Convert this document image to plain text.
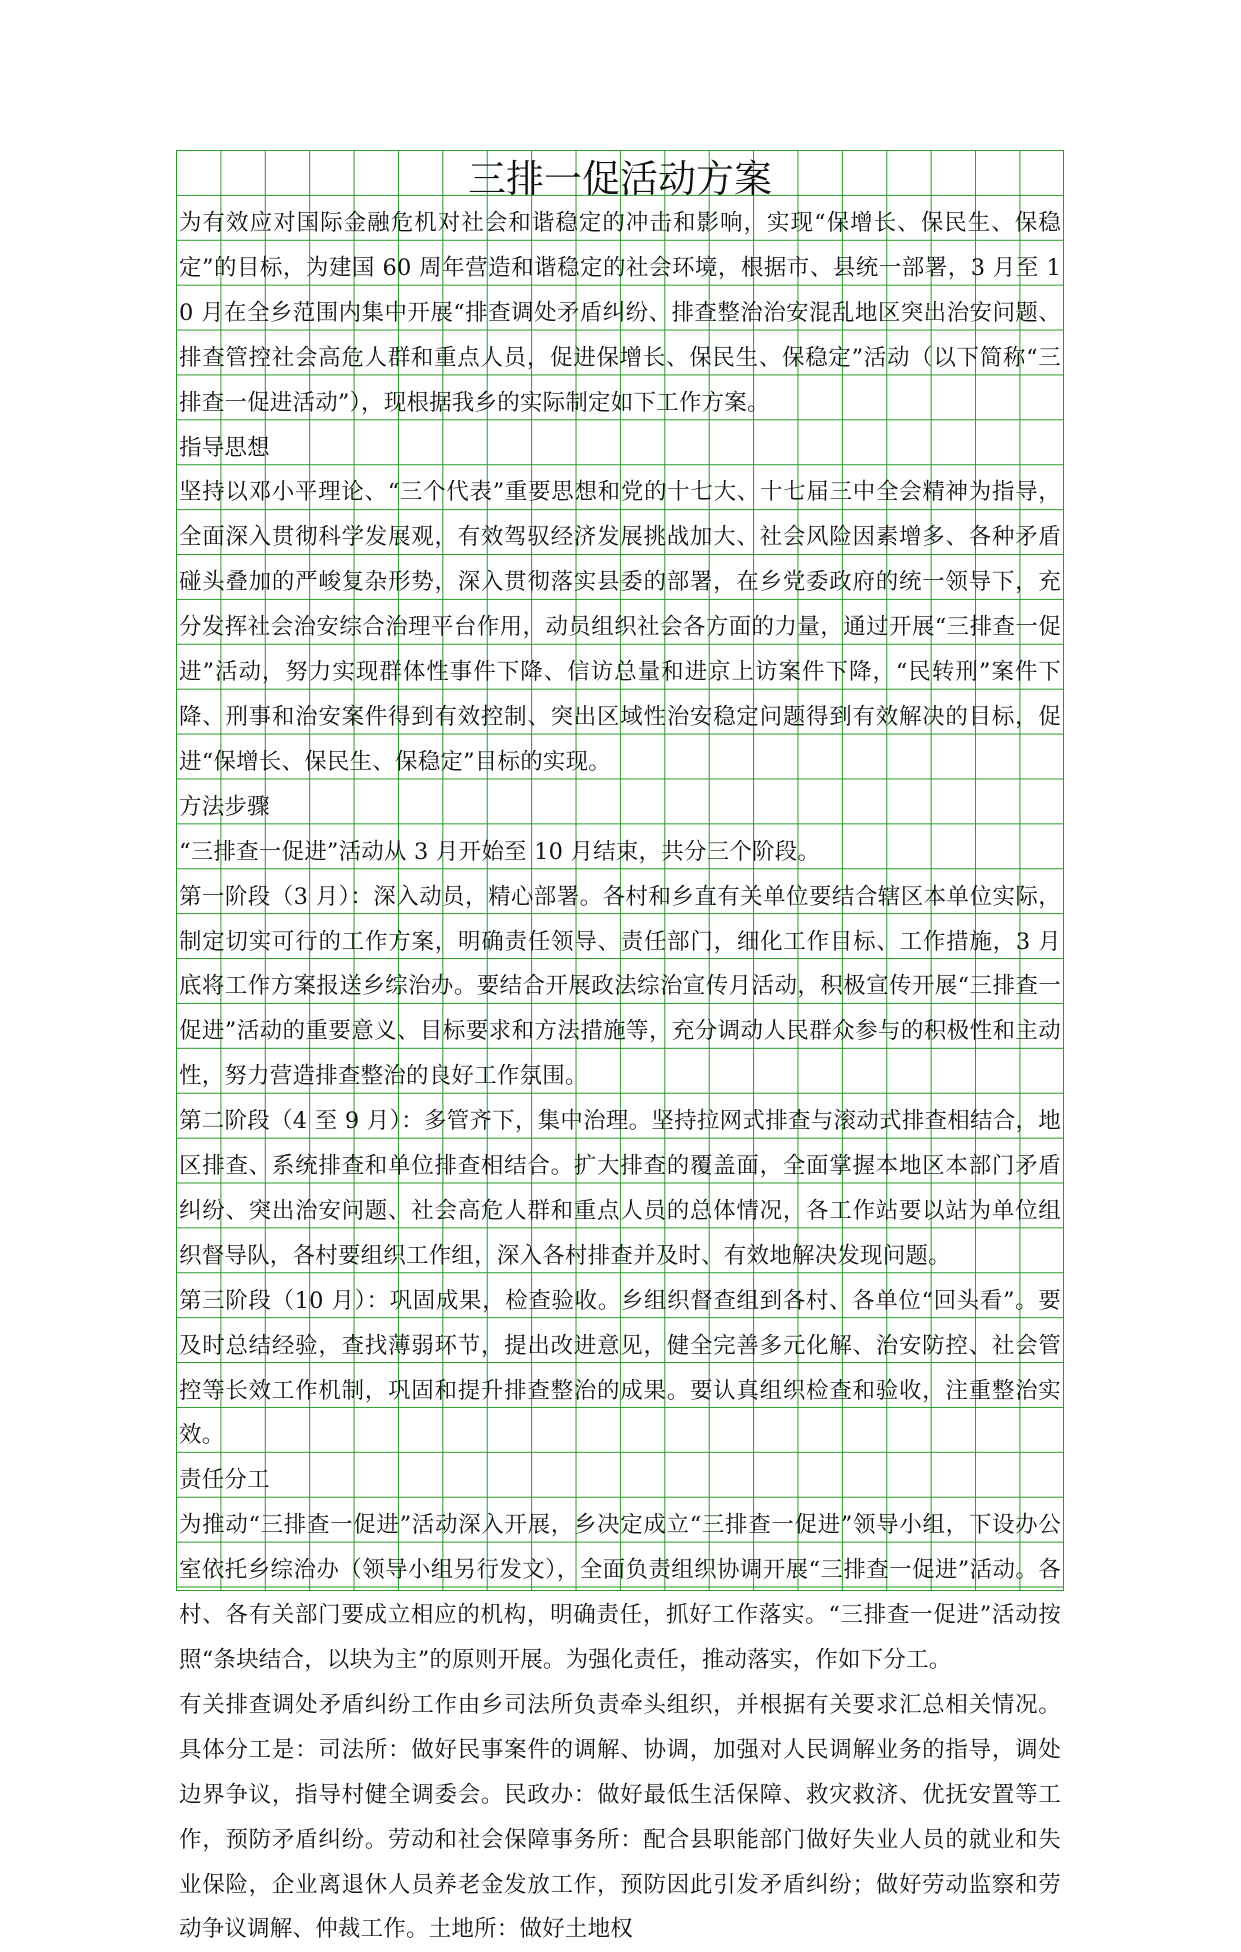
三排一促活动方案

为有效应对国际金融危机对社会和谐稳定的冲击和影响，实现“保增长、保民生、保稳定”的目标，为建国 60 周年营造和谐稳定的社会环境，根据市、县统一部署，3 月至 10 月在全乡范围内集中开展“排查调处矛盾纠纷、排查整治治安混乱地区突出治安问题、排查管控社会高危人群和重点人员，促进保增长、保民生、保稳定”活动（以下简称“三排查一促进活动”），现根据我乡的实际制定如下工作方案。

指导思想

坚持以邓小平理论、“三个代表”重要思想和党的十七大、十七届三中全会精神为指导，全面深入贯彻科学发展观，有效驾驭经济发展挑战加大、社会风险因素增多、各种矛盾碰头叠加的严峻复杂形势，深入贯彻落实县委的部署，在乡党委政府的统一领导下，充分发挥社会治安综合治理平台作用，动员组织社会各方面的力量，通过开展“三排查一促进”活动，努力实现群体性事件下降、信访总量和进京上访案件下降，“民转刑”案件下降、刑事和治安案件得到有效控制、突出区域性治安稳定问题得到有效解决的目标，促进“保增长、保民生、保稳定”目标的实现。

方法步骤

“三排查一促进”活动从 3 月开始至 10 月结束，共分三个阶段。

第一阶段（3 月）：深入动员，精心部署。各村和乡直有关单位要结合辖区本单位实际，制定切实可行的工作方案，明确责任领导、责任部门，细化工作目标、工作措施，3 月底将工作方案报送乡综治办。要结合开展政法综治宣传月活动，积极宣传开展“三排查一促进”活动的重要意义、目标要求和方法措施等，充分调动人民群众参与的积极性和主动性，努力营造排查整治的良好工作氛围。

第二阶段（4 至 9 月）：多管齐下，集中治理。坚持拉网式排查与滚动式排查相结合，地区排查、系统排查和单位排查相结合。扩大排查的覆盖面，全面掌握本地区本部门矛盾纠纷、突出治安问题、社会高危人群和重点人员的总体情况，各工作站要以站为单位组织督导队，各村要组织工作组，深入各村排查并及时、有效地解决发现问题。

第三阶段（10 月）：巩固成果，检查验收。乡组织督查组到各村、各单位“回头看”。要及时总结经验，查找薄弱环节，提出改进意见，健全完善多元化解、治安防控、社会管控等长效工作机制，巩固和提升排查整治的成果。要认真组织检查和验收，注重整治实效。

责任分工

为推动“三排查一促进”活动深入开展，乡决定成立“三排查一促进”领导小组，下设办公室依托乡综治办（领导小组另行发文），全面负责组织协调开展“三排查一促进”活动。各村、各有关部门要成立相应的机构，明确责任，抓好工作落实。“三排查一促进”活动按照“条块结合，以块为主”的原则开展。为强化责任，推动落实，作如下分工。

有关排查调处矛盾纠纷工作由乡司法所负责牵头组织，并根据有关要求汇总相关情况。具体分工是：司法所：做好民事案件的调解、协调，加强对人民调解业务的指导，调处边界争议，指导村健全调委会。民政办：做好最低生活保障、救灾救济、优抚安置等工作，预防矛盾纠纷。劳动和社会保障事务所：配合县职能部门做好失业人员的就业和失业保险，企业离退休人员养老金发放工作，预防因此引发矛盾纠纷；做好劳动监察和劳动争议调解、仲裁工作。土地所：做好土地权
